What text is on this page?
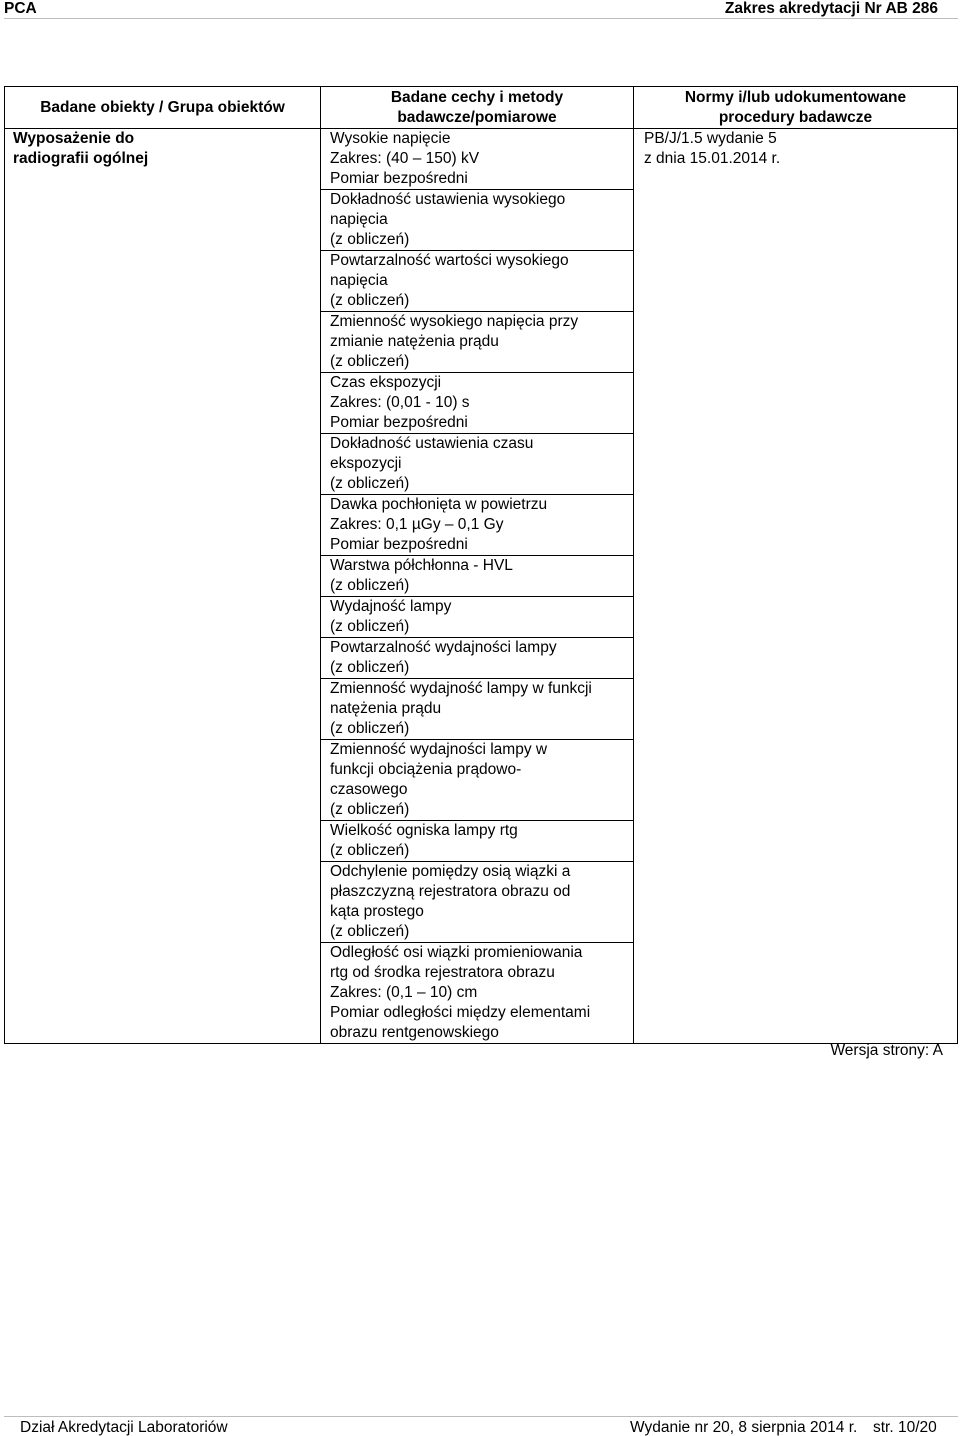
PCA	Zakres akredytacji Nr AB 286
Badane obiekty / Grupa obiektów
Badane cechy i metody
badawcze/pomiarowe
Normy i/lub udokumentowane
procedury badawcze
Wyposażenie do
radiografii ogólnej
Wysokie napięcie
Zakres: (40 – 150) kV
Pomiar bezpośredni
Dokładność ustawienia wysokiego
napięcia
(z obliczeń)
Powtarzalność wartości wysokiego
napięcia
(z obliczeń)
Zmienność wysokiego napięcia przy
zmianie natężenia prądu
(z obliczeń)
Czas ekspozycji
Zakres: (0,01 - 10) s
Pomiar bezpośredni
Dokładność ustawienia czasu
ekspozycji
(z obliczeń)
Dawka pochłonięta w powietrzu
Zakres: 0,1 µGy – 0,1 Gy
Pomiar bezpośredni
Warstwa półchłonna - HVL
(z obliczeń)
Wydajność lampy
(z obliczeń)
Powtarzalność wydajności lampy
(z obliczeń)
Zmienność wydajność lampy w funkcji
natężenia prądu
(z obliczeń)
Zmienność wydajności lampy w
funkcji obciążenia prądowo-
czasowego
(z obliczeń)
Wielkość ogniska lampy rtg
(z obliczeń)
Odchylenie pomiędzy osią wiązki a
płaszczyzną rejestratora obrazu od
kąta prostego
(z obliczeń)
Odległość osi wiązki promieniowania
rtg od środka rejestratora obrazu
Zakres: (0,1 – 10) cm
Pomiar odległości między elementami
obrazu rentgenowskiego
PB/J/1.5 wydanie 5
z dnia 15.01.2014 r.
Wersja strony: A
Dział Akredytacji Laboratoriów	Wydanie nr 20, 8 sierpnia 2014 r. str. 10/20
